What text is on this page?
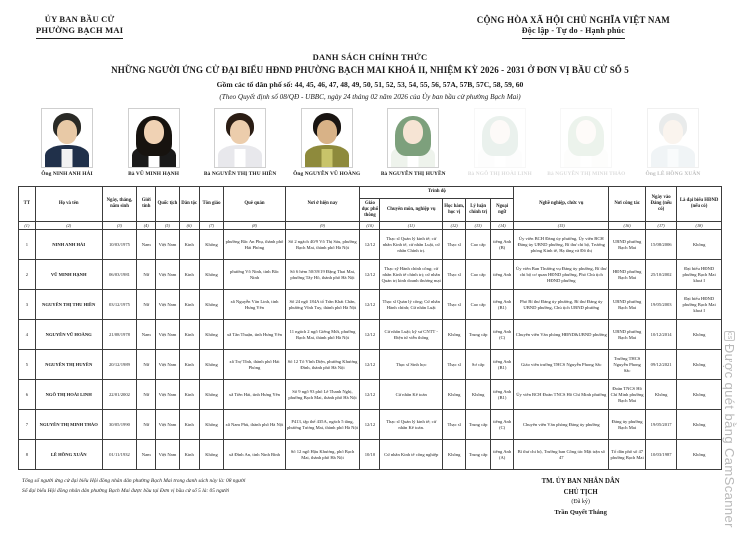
ỦY BAN BẦU CỬ
PHƯỜNG BẠCH MAI
CỘNG HÒA XÃ HỘI CHỦ NGHĨA VIỆT NAM
Độc lập - Tự do - Hạnh phúc
DANH SÁCH CHÍNH THỨC
NHỮNG NGƯỜI ỨNG CỬ ĐẠI BIỂU HĐND PHƯỜNG BẠCH MAI KHOÁ II, NHIỆM KỲ 2026 - 2031 Ở ĐƠN VỊ BẦU CỬ SỐ 5
Gồm các tổ dân phố số: 44, 45, 46, 47, 48, 49, 50, 51, 52, 53, 54, 55, 56, 57A, 57B, 57C, 58, 59, 60
(Theo Quyết định số 08/QĐ - UBBC, ngày 24 tháng 02 năm 2026 của Ủy ban bầu cử phường Bạch Mai)
Ông NINH ANH HẢI	Bà VŨ MINH HẠNH	Bà NGUYỄN THỊ THU HIỀN	Ông NGUYỄN VŨ HOÀNG	Bà NGUYỄN THỊ HUYỀN	Bà NGÔ THỊ HOÀI LINH	Bà NGUYỄN THỊ MINH THẢO	Ông LÊ HỒNG XUÂN
TT	Họ và tên	Ngày, tháng, năm sinh	Giới tính	Quốc tịch	Dân tộc	Tôn giáo	Quê quán	Nơi ở hiện nay	Trình độ					Nghề nghiệp, chức vụ	Nơi công tác	Ngày vào Đảng (nếu có)	Là đại biểu HĐND (nếu có)
									Giáo dục phổ thông	Chuyên môn, nghiệp vụ	Học hàm, học vị	Lý luận chính trị	Ngoại ngữ				
(1)	(2)	(3)	(4)	(5)	(6)	(7)	(8)	(9)	(10)	(11)	(12)	(13)	(14)	(15)	(16)	(17)	(18)
1	NINH ANH HẢI	10/03/1975	Nam	Việt Nam	Kinh	Không	phường Bắc An Phụ, thành phố Hải Phòng	Số 2 ngách 40/9 Võ Thị Sáu, phường Bạch Mai, thành phố Hà Nội	12/12	Thạc sĩ Quản lý kinh tế; cử nhân Kinh tế, cử nhân Luật, cử nhân Chính trị.	Thạc sĩ	Cao cấp	tiếng Anh (B)	Ủy viên BCH Đảng ủy phường, Ủy viên BCH Đảng ủy UBND phường, Bí thư chi bộ, Trưởng phòng Kinh tế, Hạ tầng và Đô thị	UBND phường Bạch Mai	15/08/2006	Không
2	VŨ MINH HẠNH	06/03/1981	Nữ	Việt Nam	Kinh	Không	phường Võ Ninh, tỉnh Bắc Ninh	Số 6 hẻm 50/39/19 Đặng Thai Mai, phường Tây Hồ, thành phố Hà Nội	12/12	Thạc sỹ Hành chính công; cử nhân Kinh tế chính trị; cử nhân Quản trị kinh doanh thương mại	Thạc sĩ	Cao cấp	tiếng Anh	Ủy viên Ban Thường vụ Đảng ủy phường, Bí thư chi bộ cơ quan HĐND phường, Phó Chủ tịch HĐND phường	HĐND phường Bạch Mai	25/10/2002	Đại biểu HĐND phường Bạch Mai khoá I
3	NGUYỄN THỊ THU HIỀN	03/12/1975	Nữ	Việt Nam	Kinh	Không	xã Nguyễn Văn Linh, tỉnh Hưng Yên	Số 24 ngõ 184A tổ Trần Khát Chân, phường Vĩnh Tuy, thành phố Hà Nội	12/12	Thạc sĩ Quản lý công; Cử nhân Hành chính; Cử nhân Luật	Thạc sĩ	Cao cấp	tiếng Anh (B1)	Phó Bí thư Đảng ủy phường, Bí thư Đảng ủy UBND phường, Chủ tịch UBND phường	UBND phường Bạch Mai	19/05/2003	Đại biểu HĐND phường Bạch Mai khoá I
4	NGUYỄN VŨ HOÀNG	21/08/1978	Nam	Việt Nam	Kinh	Không	xã Tân Thuận, tỉnh Hưng Yên	11 ngách 2 ngõ Giếng Mứt, phường Bạch Mai, thành phố Hà Nội	12/12	Cử nhân Luật; kỹ sư CNTT - Điện tử viễn thông	Không	Trung cấp	tiếng Anh (C)	Chuyên viên Văn phòng HĐND&UBND phường	UBND phường Bạch Mai	10/12/2014	Không
5	NGUYỄN THỊ HUYỀN	20/12/1989	Nữ	Việt Nam	Kinh	Không	xã Trợ Tĩnh, thành phố Hải Phòng	Số 12 Tô Vĩnh Diện, phường Khương Đình, thành phố Hà Nội	12/12	Thạc sĩ Sinh học	Thạc sĩ	Sơ cấp	tiếng Anh (B1)	Giáo viên trường THCS Nguyễn Phong Sắc	Trường THCS Nguyễn Phong Sắc	09/12/2021	Không
6	NGÔ THỊ HOÀI LINH	22/01/2002	Nữ	Việt Nam	Kinh	Không	xã Tiền Hải, tỉnh Hưng Yên	Số 9 ngõ 93 phố Lê Thanh Nghị, phường Bạch Mai, thành phố Hà Nội	12/12	Cử nhân Kế toán	Không	Không	tiếng Anh (B1)	Ủy viên BCH Đoàn TNCS Hồ Chí Minh phường	Đoàn TNCS Hồ Chí Minh phường Bạch Mai	Không	Không
7	NGUYỄN THỊ MINH THẢO	30/05/1990	Nữ	Việt Nam	Kinh	Không	xã Nam Phù, thành phố Hà Nội	P413, tập thể 435A, ngách 5 tầng, phường Tương Mai, thành phố Hà Nội	12/12	Thạc sĩ Quản lý kinh tế; cử nhân Kế toán.	Thạc sĩ	Trung cấp	tiếng Anh (C)	Chuyên viên Văn phòng Đảng ủy phường	Đảng ủy phường Bạch Mai	19/05/2017	Không
8	LÊ HỒNG XUÂN	01/11/1932	Nam	Việt Nam	Kinh	Không	xã Đình An, tỉnh Ninh Bình	Số 12 ngõ Hậu Khương, phố Bạch Mai, thành phố Hà Nội	10/10	Cử nhân Kinh tế công nghiệp	Không	Trung cấp	tiếng Anh (A)	Bí thư chi bộ, Trưởng ban Công tác Mặt trận số 47	Tổ dân phố số 47 phường Bạch Mai	10/03/1987	Không
Tổng số người ứng cử đại biểu Hội đồng nhân dân phường Bạch Mai trong danh sách này là: 08 người
Số đại biểu Hội đồng nhân dân phường Bạch Mai được bầu tại Đơn vị bầu cử số 5 là: 05 người
TM. ỦY BAN NHÂN DÂN
CHỦ TỊCH
(Đã ký)
Trần Quyết Thắng
csĐược quét bằng CamScanner
